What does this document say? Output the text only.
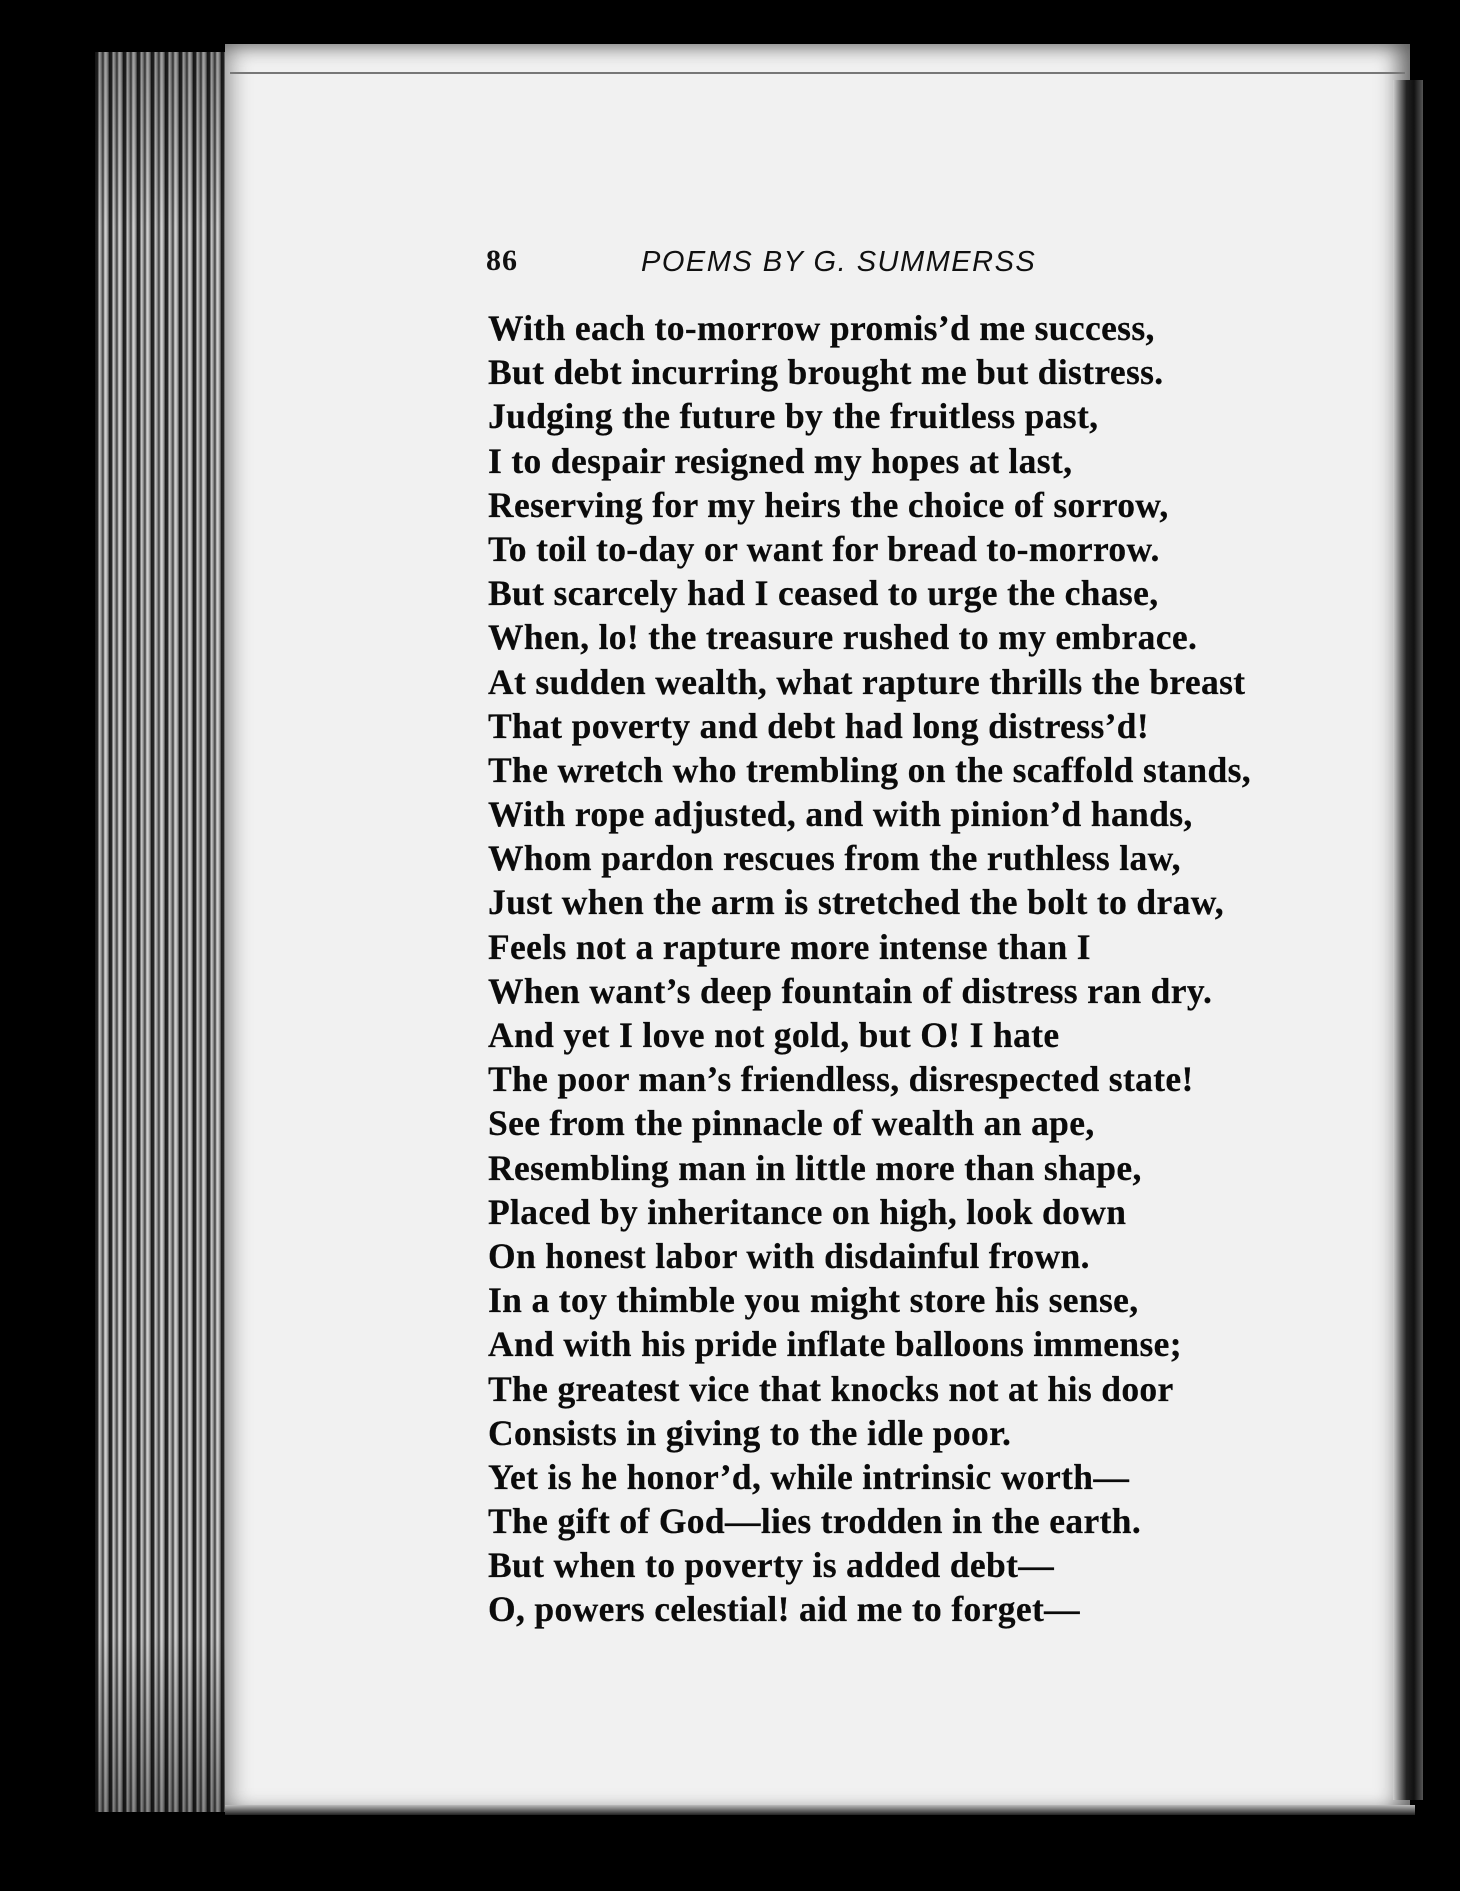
86	POEMS BY G. SUMMERSS
With each to-morrow promis’d me success,
But debt incurring brought me but distress.
Judging the future by the fruitless past,
I to despair resigned my hopes at last,
Reserving for my heirs the choice of sorrow,
To toil to-day or want for bread to-morrow.
But scarcely had I ceased to urge the chase,
When, lo! the treasure rushed to my embrace.
At sudden wealth, what rapture thrills the breast
That poverty and debt had long distress’d!
The wretch who trembling on the scaffold stands,
With rope adjusted, and with pinion’d hands,
Whom pardon rescues from the ruthless law,
Just when the arm is stretched the bolt to draw,
Feels not a rapture more intense than I
When want’s deep fountain of distress ran dry.
And yet I love not gold, but O! I hate
The poor man’s friendless, disrespected state!
See from the pinnacle of wealth an ape,
Resembling man in little more than shape,
Placed by inheritance on high, look down
On honest labor with disdainful frown.
In a toy thimble you might store his sense,
And with his pride inflate balloons immense;
The greatest vice that knocks not at his door
Consists in giving to the idle poor.
Yet is he honor’d, while intrinsic worth—
The gift of God—lies trodden in the earth.
But when to poverty is added debt—
O, powers celestial! aid me to forget—
